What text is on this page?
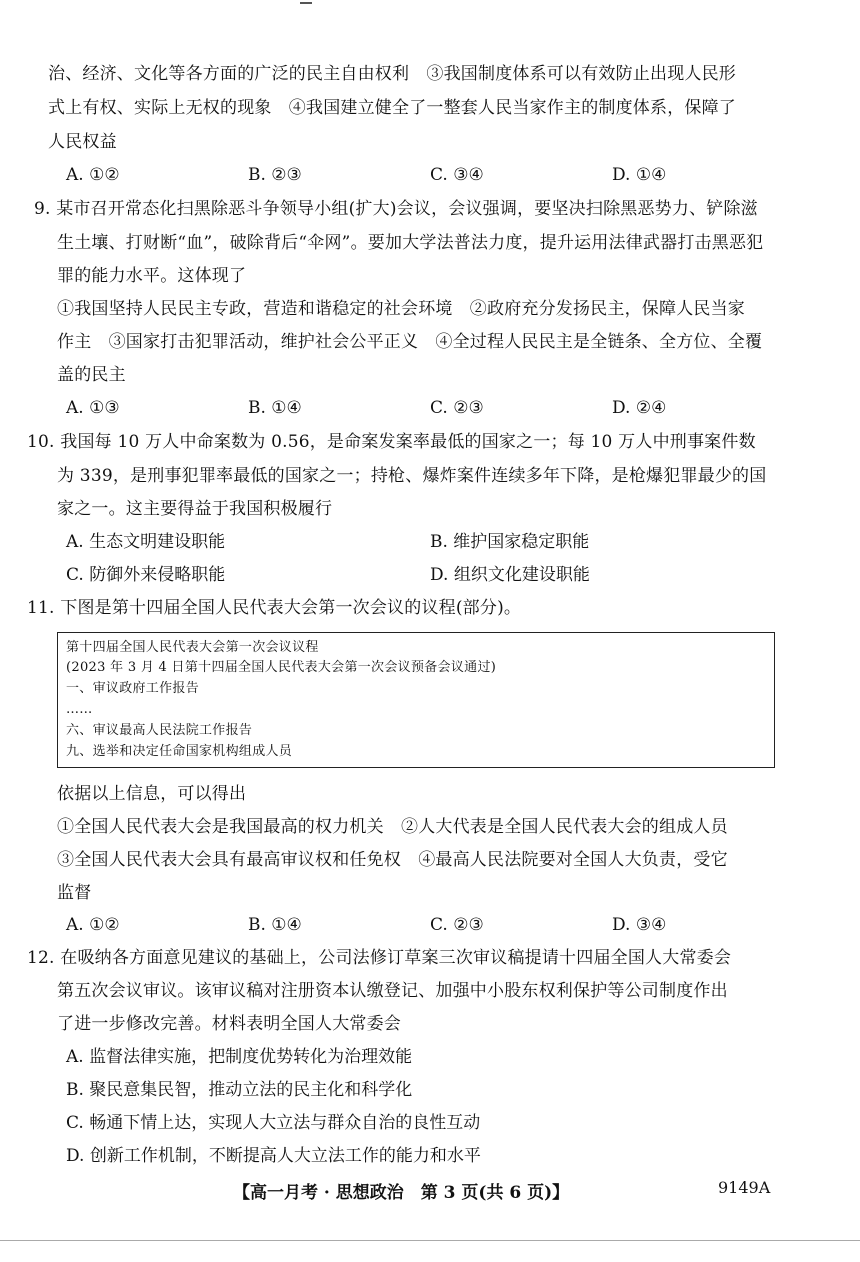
治、经济、文化等各方面的广泛的民主自由权利　③我国制度体系可以有效防止出现人民形
式上有权、实际上无权的现象　④我国建立健全了一整套人民当家作主的制度体系，保障了
人民权益
A. ①②	B. ②③	C. ③④	D. ①④
9. 某市召开常态化扫黑除恶斗争领导小组(扩大)会议，会议强调，要坚决扫除黑恶势力、铲除滋
生土壤、打财断“血”，破除背后“伞网”。要加大学法普法力度，提升运用法律武器打击黑恶犯
罪的能力水平。这体现了
①我国坚持人民民主专政，营造和谐稳定的社会环境　②政府充分发扬民主，保障人民当家
作主　③国家打击犯罪活动，维护社会公平正义　④全过程人民民主是全链条、全方位、全覆
盖的民主
A. ①③	B. ①④	C. ②③	D. ②④
10. 我国每 10 万人中命案数为 0.56，是命案发案率最低的国家之一；每 10 万人中刑事案件数
为 339，是刑事犯罪率最低的国家之一；持枪、爆炸案件连续多年下降，是枪爆犯罪最少的国
家之一。这主要得益于我国积极履行
A. 生态文明建设职能	B. 维护国家稳定职能
C. 防御外来侵略职能	D. 组织文化建设职能
11. 下图是第十四届全国人民代表大会第一次会议的议程(部分)。
第十四届全国人民代表大会第一次会议议程
(2023 年 3 月 4 日第十四届全国人民代表大会第一次会议预备会议通过)
一、审议政府工作报告
……
六、审议最高人民法院工作报告
九、选举和决定任命国家机构组成人员
依据以上信息，可以得出
①全国人民代表大会是我国最高的权力机关　②人大代表是全国人民代表大会的组成人员
③全国人民代表大会具有最高审议权和任免权　④最高人民法院要对全国人大负责，受它
监督
A. ①②	B. ①④	C. ②③	D. ③④
12. 在吸纳各方面意见建议的基础上，公司法修订草案三次审议稿提请十四届全国人大常委会
第五次会议审议。该审议稿对注册资本认缴登记、加强中小股东权利保护等公司制度作出
了进一步修改完善。材料表明全国人大常委会
A. 监督法律实施，把制度优势转化为治理效能
B. 聚民意集民智，推动立法的民主化和科学化
C. 畅通下情上达，实现人大立法与群众自治的良性互动
D. 创新工作机制，不断提高人大立法工作的能力和水平
【高一月考 · 思想政治　第 3 页(共 6 页)】	9149A
